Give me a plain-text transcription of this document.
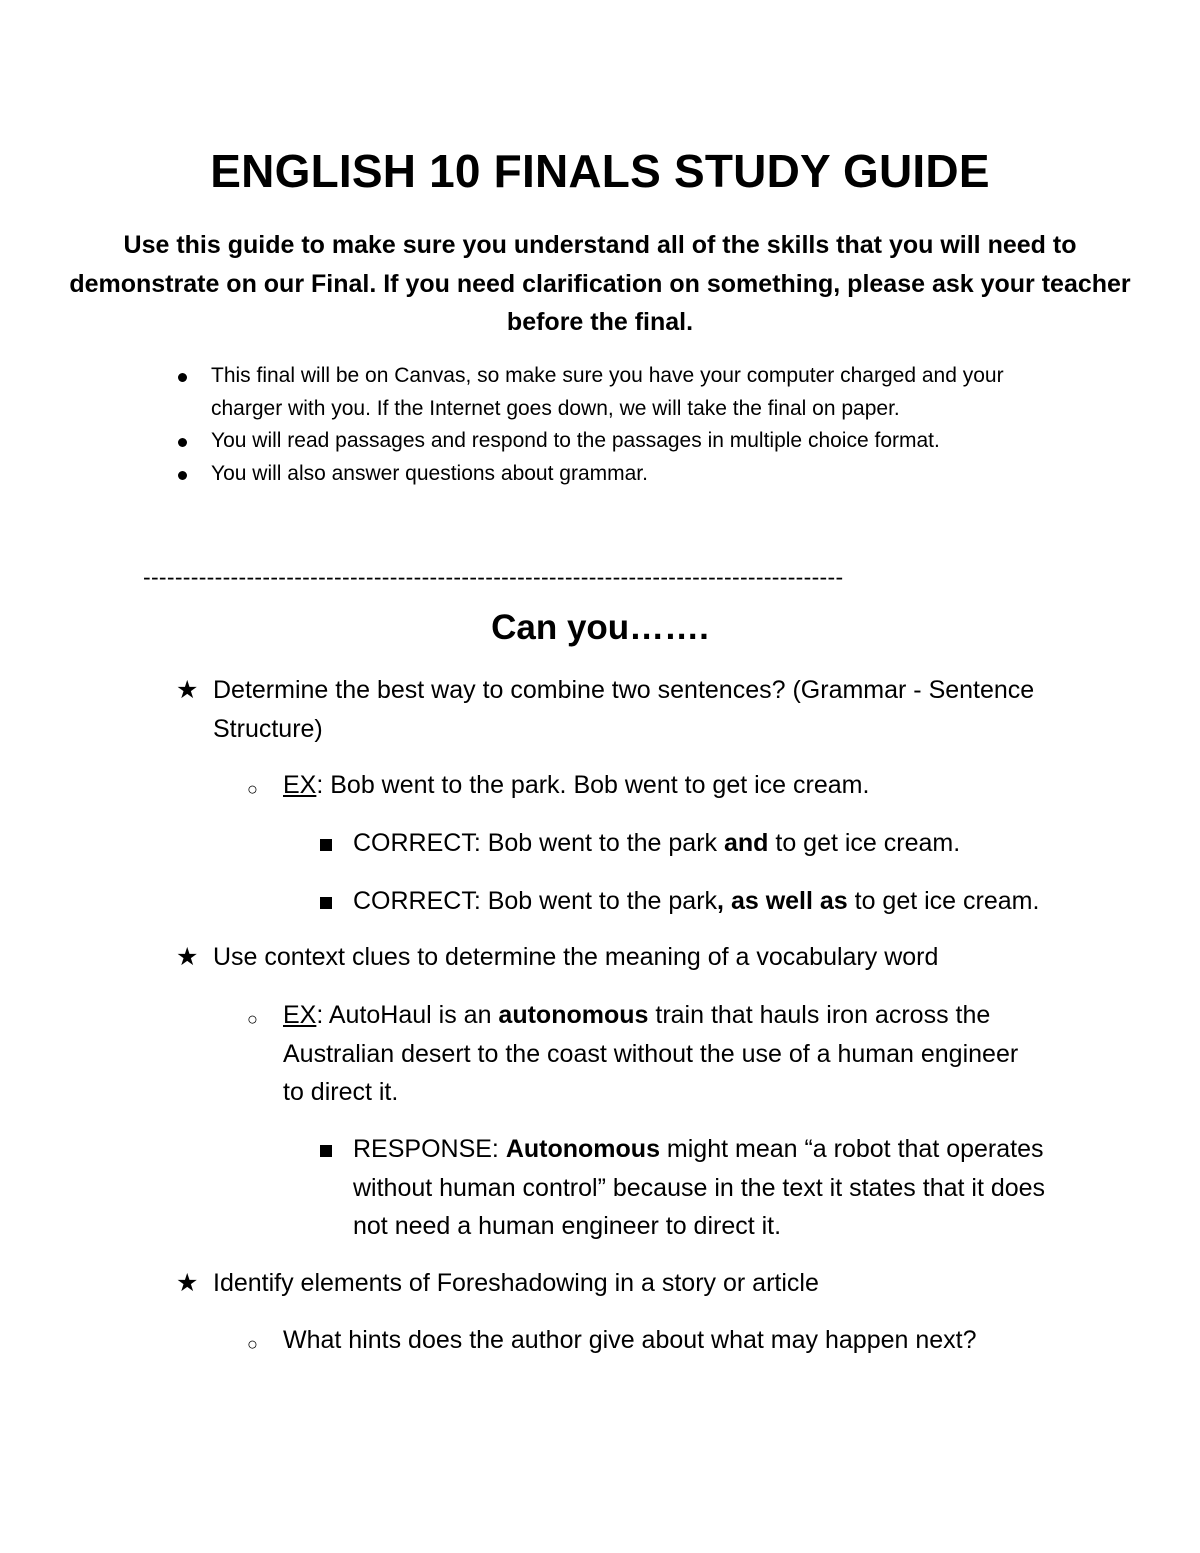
ENGLISH 10 FINALS STUDY GUIDE

Use this guide to make sure you understand all of the skills that you will need to demonstrate on our Final. If you need clarification on something, please ask your teacher before the final.

This final will be on Canvas, so make sure you have your computer charged and your charger with you. If the Internet goes down, we will take the final on paper.
You will read passages and respond to the passages in multiple choice format.
You will also answer questions about grammar.
----------------------------------------------------------------------------------------
Can you…….
★ Determine the best way to combine two sentences? (Grammar - Sentence Structure)
○	EX: Bob went to the park. Bob went to get ice cream.
CORRECT: Bob went to the park and to get ice cream.
CORRECT: Bob went to the park, as well as to get ice cream.
★ Use context clues to determine the meaning of a vocabulary word
○	EX: AutoHaul is an autonomous train that hauls iron across the Australian desert to the coast without the use of a human engineer to direct it.
RESPONSE: Autonomous might mean “a robot that operates without human control” because in the text it states that it does not need a human engineer to direct it.
★ Identify elements of Foreshadowing in a story or article
○	What hints does the author give about what may happen next?
